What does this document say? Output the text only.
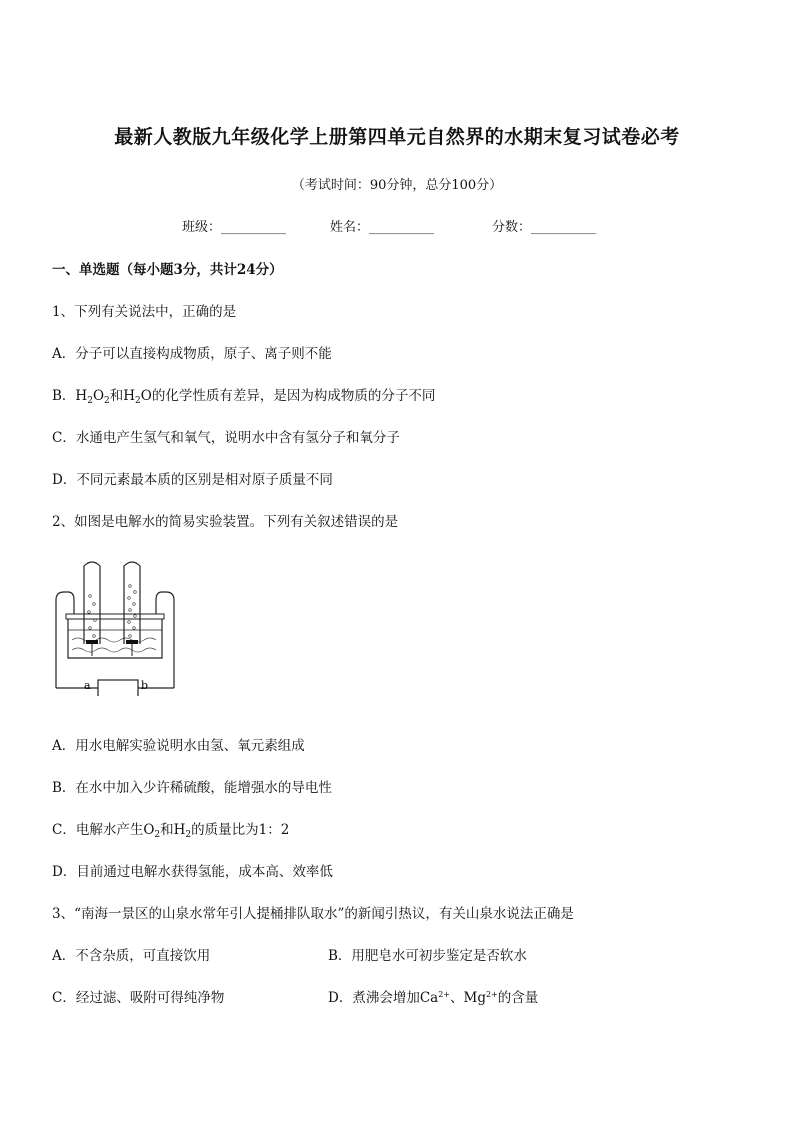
最新人教版九年级化学上册第四单元自然界的水期末复习试卷必考
（考试时间：90分钟，总分100分）
班级：__________	姓名：__________	分数：__________
一、单选题（每小题3分，共计24分）
1、下列有关说法中，正确的是
A．分子可以直接构成物质，原子、离子则不能
B．$H_2O_2$和$H_2O$的化学性质有差异，是因为构成物质的分子不同
C．水通电产生氢气和氧气，说明水中含有氢分子和氧分子
D．不同元素最本质的区别是相对原子质量不同
2、如图是电解水的简易实验装置。下列有关叙述错误的是
a	b
A．用水电解实验说明水由氢、氧元素组成
B．在水中加入少许稀硫酸，能增强水的导电性
C．电解水产生$O_2$和$H_2$的质量比为1：2
D．目前通过电解水获得氢能，成本高、效率低
3、“南海一景区的山泉水常年引人提桶排队取水”的新闻引热议，有关山泉水说法正确是
A．不含杂质，可直接饮用	B．用肥皂水可初步鉴定是否软水
C．经过滤、吸附可得纯净物	D．煮沸会增加$Ca^{2+}$、$Mg^{2+}$的含量
